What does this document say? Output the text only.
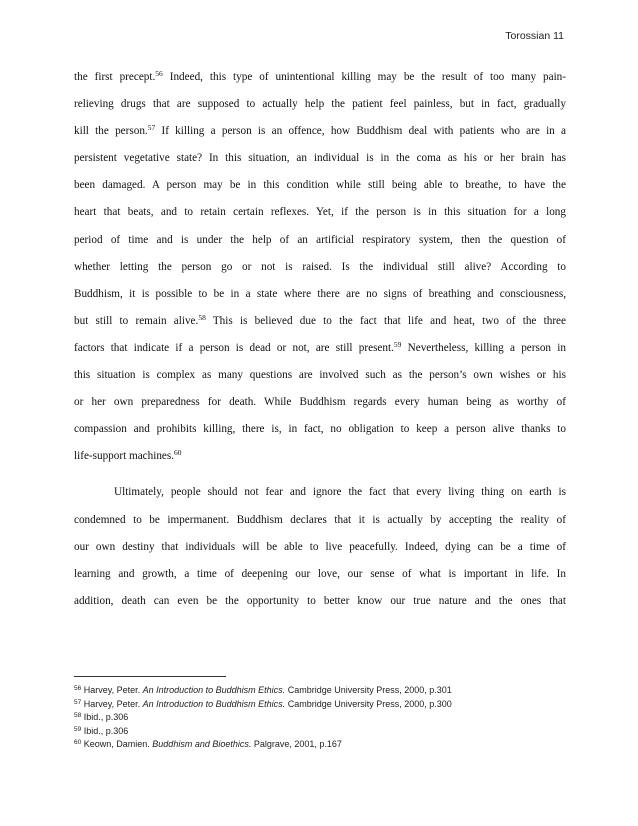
Torossian 11
the first precept.$^{56}$ Indeed, this type of unintentional killing may be the result of too many pain-
relieving drugs that are supposed to actually help the patient feel painless, but in fact, gradually
kill the person.$^{57}$ If killing a person is an offence, how Buddhism deal with patients who are in a
persistent vegetative state? In this situation, an individual is in the coma as his or her brain has
been damaged. A person may be in this condition while still being able to breathe, to have the
heart that beats, and to retain certain reflexes. Yet, if the person is in this situation for a long
period of time and is under the help of an artificial respiratory system, then the question of
whether letting the person go or not is raised. Is the individual still alive? According to
Buddhism, it is possible to be in a state where there are no signs of breathing and consciousness,
but still to remain alive.$^{58}$ This is believed due to the fact that life and heat, two of the three
factors that indicate if a person is dead or not, are still present.$^{59}$ Nevertheless, killing a person in
this situation is complex as many questions are involved such as the person’s own wishes or his
or her own preparedness for death. While Buddhism regards every human being as worthy of
compassion and prohibits killing, there is, in fact, no obligation to keep a person alive thanks to
life-support machines.$^{60}$
Ultimately, people should not fear and ignore the fact that every living thing on earth is
condemned to be impermanent. Buddhism declares that it is actually by accepting the reality of
our own destiny that individuals will be able to live peacefully. Indeed, dying can be a time of
learning and growth, a time of deepening our love, our sense of what is important in life. In
addition, death can even be the opportunity to better know our true nature and the ones that
$^{56}$ Harvey, Peter. An Introduction to Buddhism Ethics. Cambridge University Press, 2000, p.301
$^{57}$ Harvey, Peter. An Introduction to Buddhism Ethics. Cambridge University Press, 2000, p.300
$^{58}$ Ibid., p.306
$^{59}$ Ibid., p.306
$^{60}$ Keown, Damien. Buddhism and Bioethics. Palgrave, 2001, p.167
